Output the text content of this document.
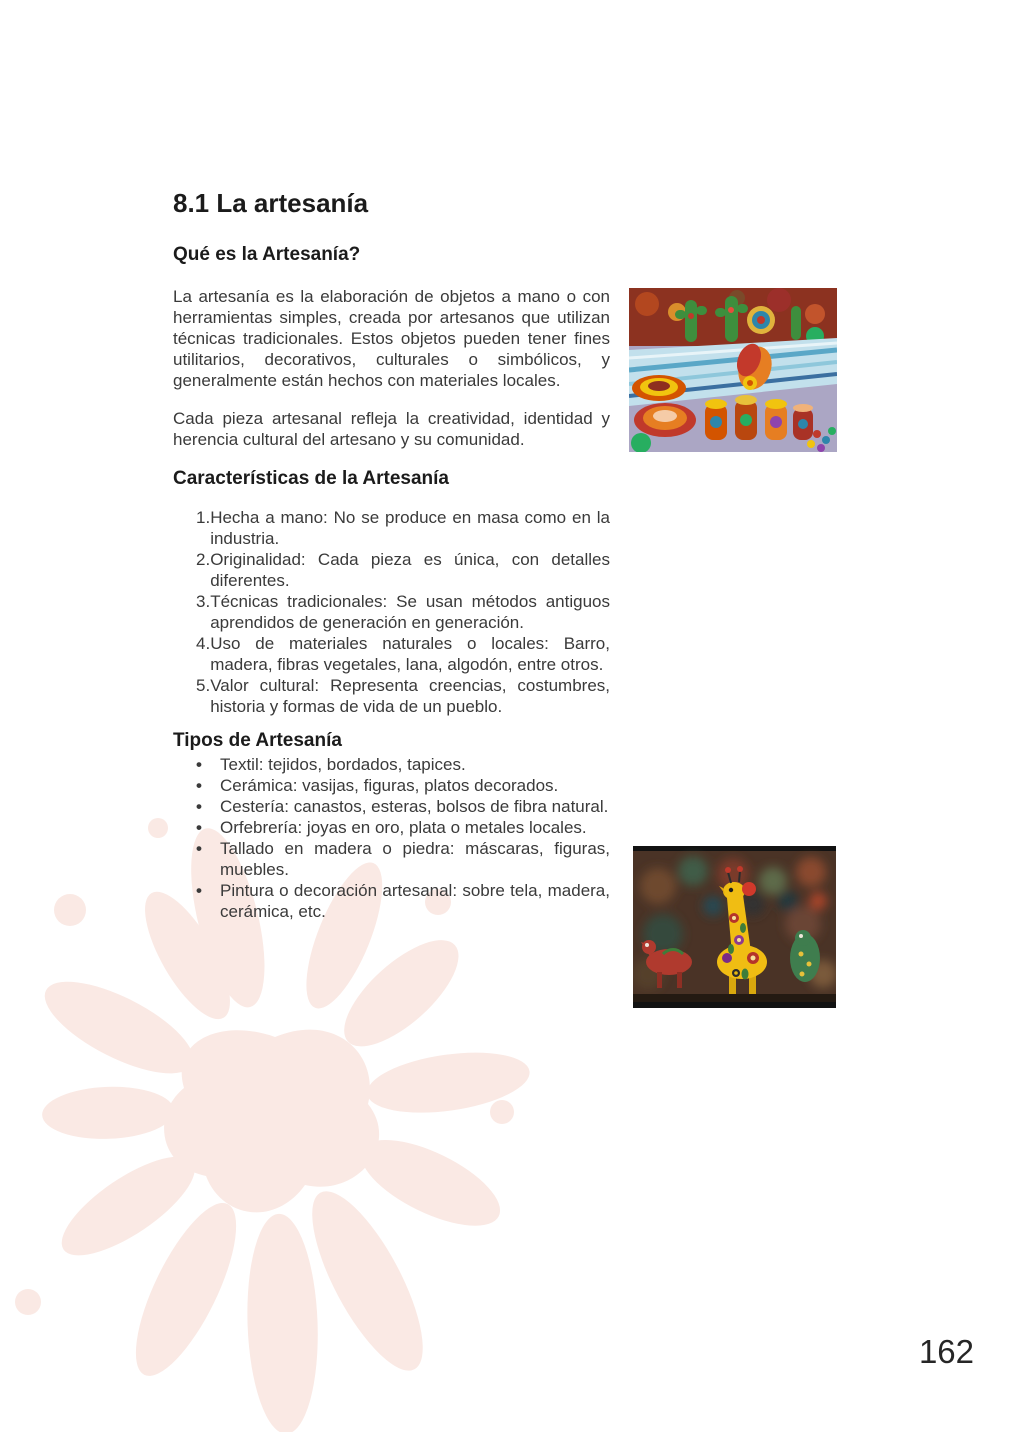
8.1 La artesanía
Qué es la Artesanía?

La artesanía es la elaboración de objetos a mano o con herramientas simples, creada por artesanos que utilizan técnicas tradicionales. Estos objetos pueden tener fines utilitarios, decorativos, culturales o simbólicos, y generalmente están hechos con materiales locales.

Cada pieza artesanal refleja la creatividad, identidad y herencia cultural del artesano y su comunidad.

Características de la Artesanía
1. Hecha a mano: No se produce en masa como en la industria.
2. Originalidad: Cada pieza es única, con detalles diferentes.
3. Técnicas tradicionales: Se usan métodos antiguos aprendidos de generación en generación.
4. Uso de materiales naturales o locales: Barro, madera, fibras vegetales, lana, algodón, entre otros.
5. Valor cultural: Representa creencias, costumbres, historia y formas de vida de un pueblo.
Tipos de Artesanía
•	Textil: tejidos, bordados, tapices.
•	Cerámica: vasijas, figuras, platos decorados.
•	Cestería: canastos, esteras, bolsos de fibra natural.
•	Orfebrería: joyas en oro, plata o metales locales.
•	Tallado en madera o piedra: máscaras, figuras, muebles.
•	Pintura o decoración artesanal: sobre tela, madera, cerámica, etc.
162
